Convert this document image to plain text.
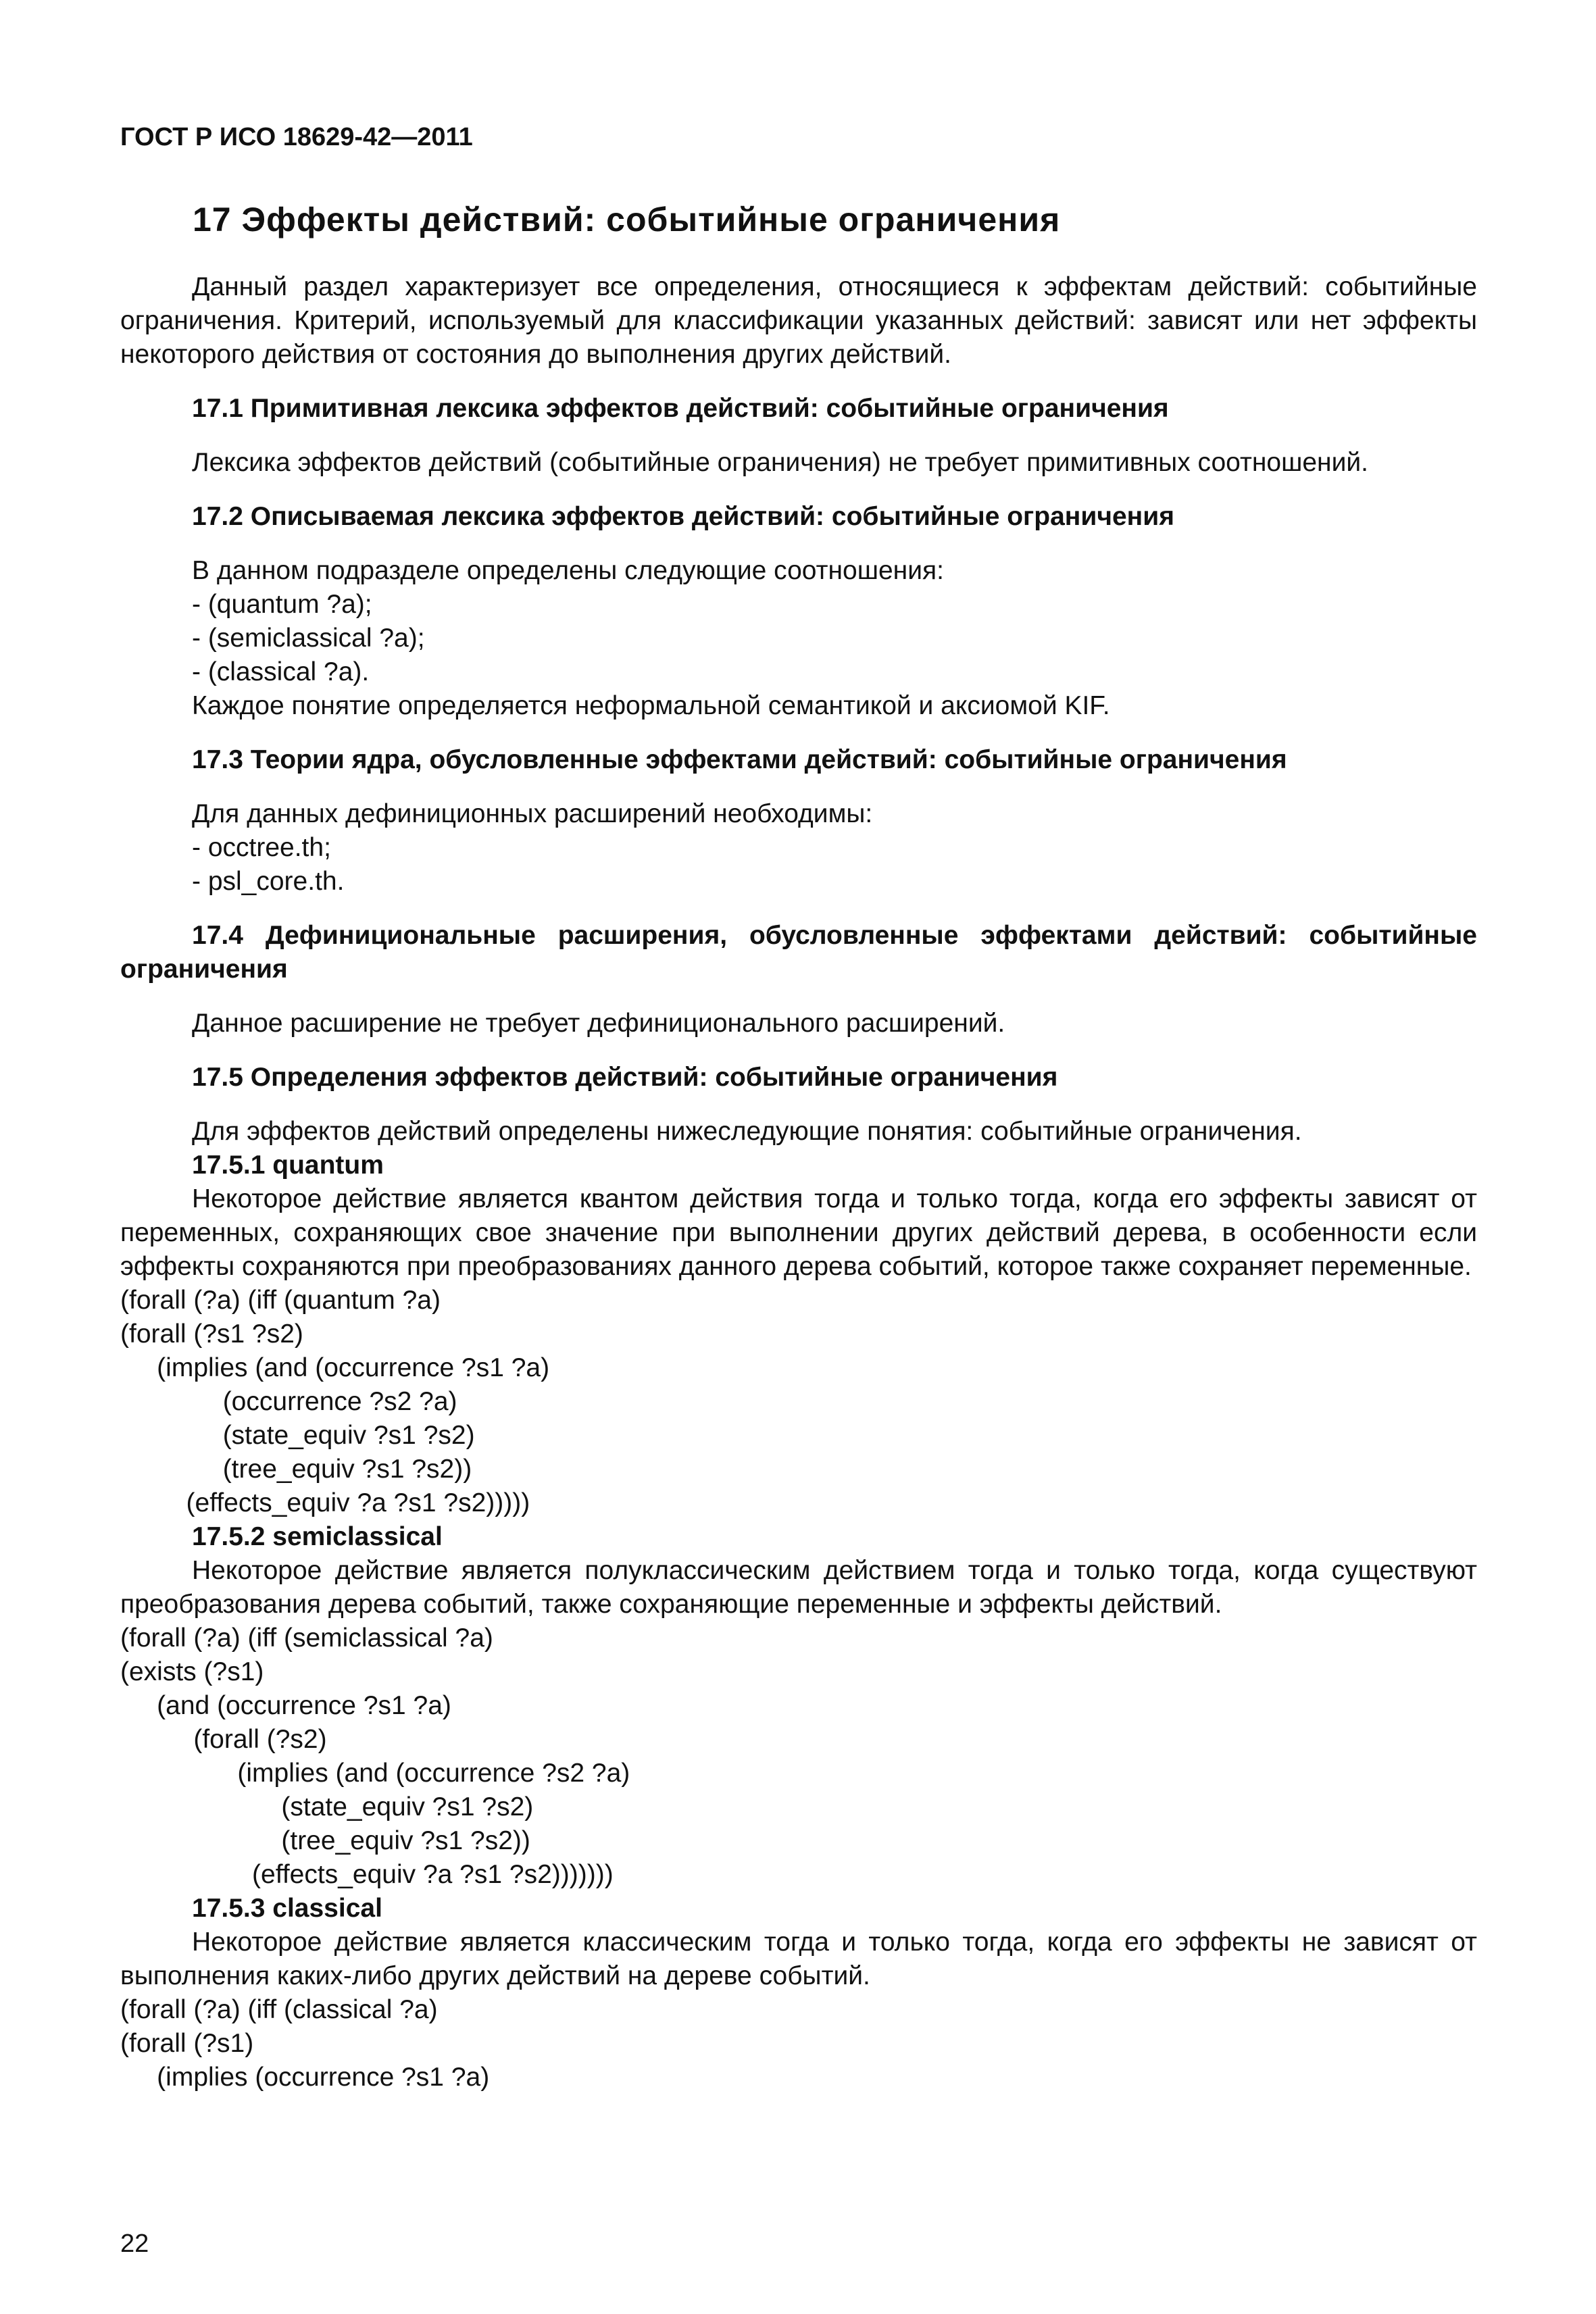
ГОСТ Р ИСО 18629-42—2011
17 Эффекты действий: событийные ограничения

Данный раздел характеризует все определения, относящиеся к эффектам действий: событийные ограничения. Критерий, используемый для классификации указанных действий: зависят или нет эффекты некоторого действия от состояния до выполнения других действий.

17.1 Примитивная лексика эффектов действий: событийные ограничения

Лексика эффектов действий (событийные ограничения) не требует примитивных соотношений.

17.2 Описываемая лексика эффектов действий: событийные ограничения

В данном подразделе определены следующие соотношения:

- (quantum ?a);

- (semiclassical ?a);

- (classical ?a).

Каждое понятие определяется неформальной семантикой и аксиомой KIF.

17.3 Теории ядра, обусловленные эффектами действий: событийные ограничения

Для данных дефиниционных расширений необходимы:

- occtree.th;

- psl_core.th.

17.4 Дефинициональные расширения, обусловленные эффектами действий: событийные ограничения

Данное расширение не требует дефиниционального расширений.

17.5 Определения эффектов действий: событийные ограничения

Для эффектов действий определены нижеследующие понятия: событийные ограничения.

17.5.1 quantum

Некоторое действие является квантом действия тогда и только тогда, когда его эффекты зависят от переменных, сохраняющих свое значение при выполнении других действий дерева, в особенности если эффекты сохраняются при преобразованиях данного дерева событий, которое также сохраняет переменные.

(forall (?a) (iff (quantum ?a)

(forall (?s1 ?s2)

(implies (and (occurrence ?s1 ?a)

(occurrence ?s2 ?a)

(state_equiv ?s1 ?s2)

(tree_equiv ?s1 ?s2))

(effects_equiv ?a ?s1 ?s2)))))

17.5.2 semiclassical

Некоторое действие является полуклассическим действием тогда и только тогда, когда существуют преобразования дерева событий, также сохраняющие переменные и эффекты действий.

(forall (?a) (iff (semiclassical ?a)

(exists (?s1)

(and (occurrence ?s1 ?a)

(forall (?s2)

(implies (and (occurrence ?s2 ?a)

(state_equiv ?s1 ?s2)

(tree_equiv ?s1 ?s2))

(effects_equiv ?a ?s1 ?s2)))))))

17.5.3 classical

Некоторое действие является классическим тогда и только тогда, когда его эффекты не зависят от выполнения каких-либо других действий на дереве событий.

(forall (?a) (iff (classical ?a)

(forall (?s1)

(implies (occurrence ?s1 ?a)

22
